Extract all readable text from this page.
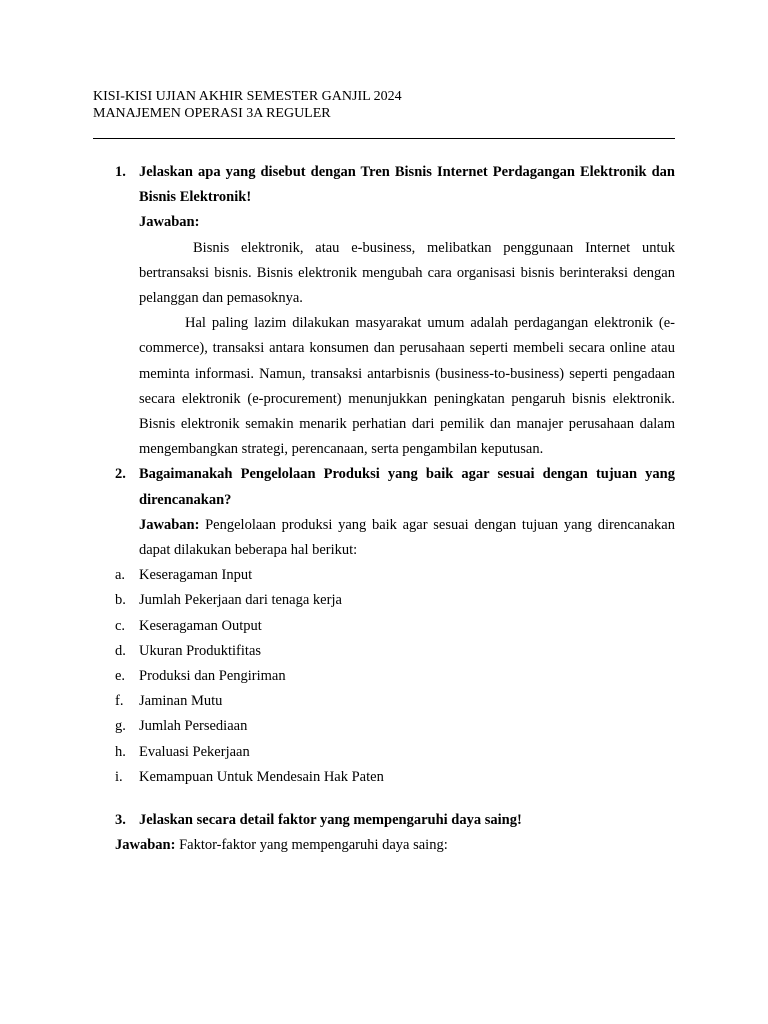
KISI-KISI UJIAN AKHIR SEMESTER GANJIL 2024
MANAJEMEN OPERASI 3A REGULER
1. Jelaskan apa yang disebut dengan Tren Bisnis Internet Perdagangan Elektronik dan Bisnis Elektronik!
Jawaban:
Bisnis elektronik, atau e-business, melibatkan penggunaan Internet untuk bertransaksi bisnis. Bisnis elektronik mengubah cara organisasi bisnis berinteraksi dengan pelanggan dan pemasoknya.
Hal paling lazim dilakukan masyarakat umum adalah perdagangan elektronik (e-commerce), transaksi antara konsumen dan perusahaan seperti membeli secara online atau meminta informasi. Namun, transaksi antarbisnis (business-to-business) seperti pengadaan secara elektronik (e-procurement) menunjukkan peningkatan pengaruh bisnis elektronik. Bisnis elektronik semakin menarik perhatian dari pemilik dan manajer perusahaan dalam mengembangkan strategi, perencanaan, serta pengambilan keputusan.
2. Bagaimanakah Pengelolaan Produksi yang baik agar sesuai dengan tujuan yang direncanakan?
Jawaban: Pengelolaan produksi yang baik agar sesuai dengan tujuan yang direncanakan dapat dilakukan beberapa hal berikut:
a. Keseragaman Input
b. Jumlah Pekerjaan dari tenaga kerja
c. Keseragaman Output
d. Ukuran Produktifitas
e. Produksi dan Pengiriman
f. Jaminan Mutu
g. Jumlah Persediaan
h. Evaluasi Pekerjaan
i. Kemampuan Untuk Mendesain Hak Paten
3. Jelaskan secara detail faktor yang mempengaruhi daya saing!
Jawaban: Faktor-faktor yang mempengaruhi daya saing:
